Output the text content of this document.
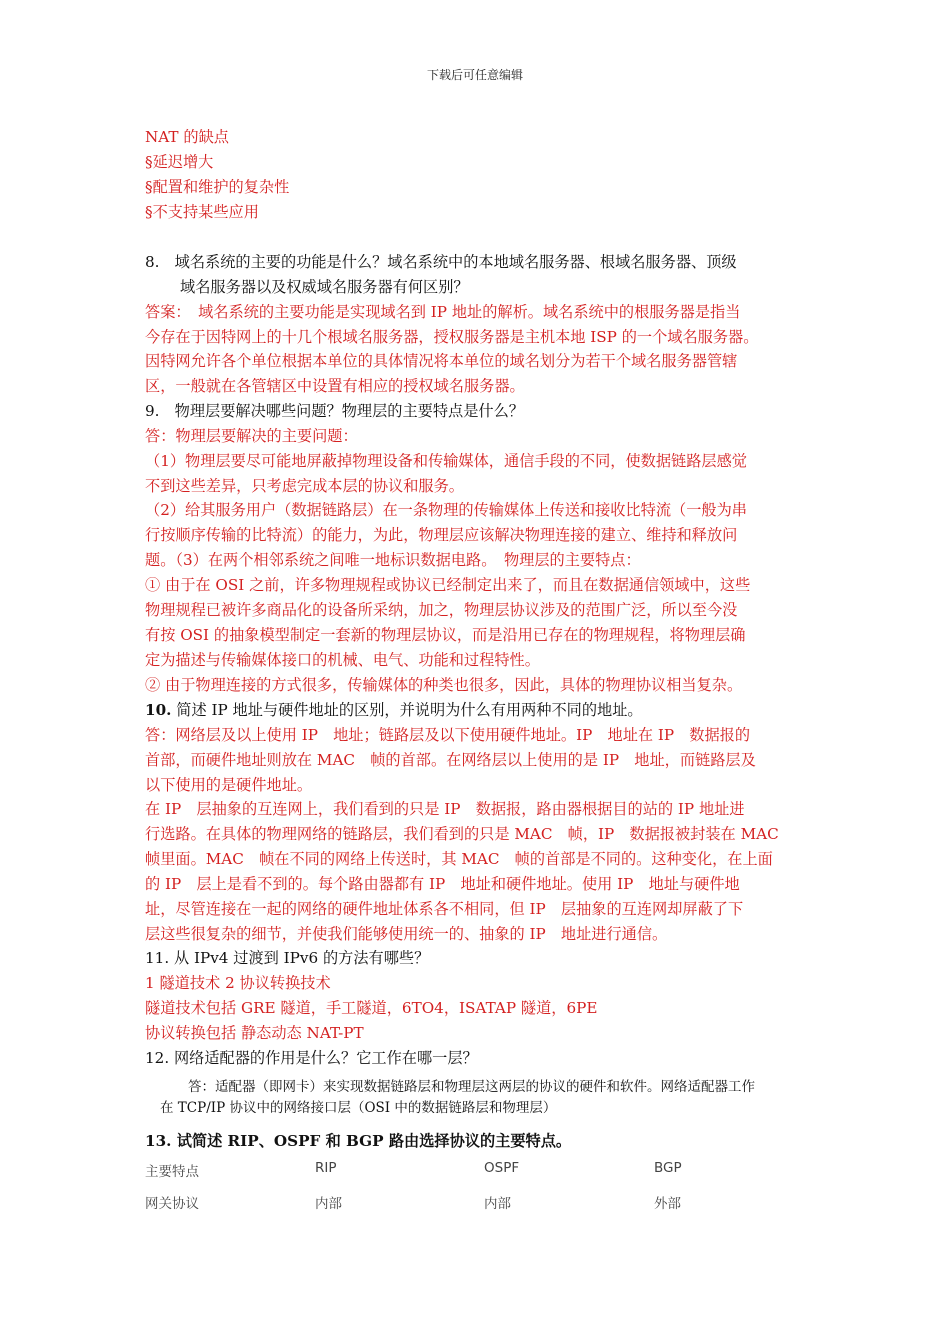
下载后可任意编辑
NAT 的缺点
§延迟增大
§配置和维护的复杂性
§不支持某些应用
8.　域名系统的主要的功能是什么？域名系统中的本地域名服务器、根域名服务器、顶级
域名服务器以及权威域名服务器有何区别？
答案：　域名系统的主要功能是实现域名到 IP 地址的解析。域名系统中的根服务器是指当
今存在于因特网上的十几个根域名服务器，授权服务器是主机本地 ISP 的一个域名服务器。
因特网允许各个单位根据本单位的具体情况将本单位的域名划分为若干个域名服务器管辖
区，一般就在各管辖区中设置有相应的授权域名服务器。
9.　物理层要解决哪些问题？物理层的主要特点是什么？
答：物理层要解决的主要问题：
（1）物理层要尽可能地屏蔽掉物理设备和传输媒体，通信手段的不同，使数据链路层感觉
不到这些差异，只考虑完成本层的协议和服务。
（2）给其服务用户（数据链路层）在一条物理的传输媒体上传送和接收比特流（一般为串
行按顺序传输的比特流）的能力，为此，物理层应该解决物理连接的建立、维持和释放问
题。（3）在两个相邻系统之间唯一地标识数据电路。　物理层的主要特点：
① 由于在 OSI 之前，许多物理规程或协议已经制定出来了，而且在数据通信领域中，这些
物理规程已被许多商品化的设备所采纳，加之，物理层协议涉及的范围广泛，所以至今没
有按 OSI 的抽象模型制定一套新的物理层协议，而是沿用已存在的物理规程，将物理层确
定为描述与传输媒体接口的机械、电气、功能和过程特性。
② 由于物理连接的方式很多，传输媒体的种类也很多，因此，具体的物理协议相当复杂。
10. 简述 IP 地址与硬件地址的区别，并说明为什么有用两种不同的地址。
答：网络层及以上使用 IP　地址；链路层及以下使用硬件地址。IP　地址在 IP　数据报的
首部，而硬件地址则放在 MAC　帧的首部。在网络层以上使用的是 IP　地址，而链路层及
以下使用的是硬件地址。
在 IP　层抽象的互连网上，我们看到的只是 IP　数据报，路由器根据目的站的 IP 地址进
行选路。在具体的物理网络的链路层，我们看到的只是 MAC　帧，IP　数据报被封装在 MAC
帧里面。MAC　帧在不同的网络上传送时，其 MAC　帧的首部是不同的。这种变化，在上面
的 IP　层上是看不到的。每个路由器都有 IP　地址和硬件地址。使用 IP　地址与硬件地
址，尽管连接在一起的网络的硬件地址体系各不相同，但 IP　层抽象的互连网却屏蔽了下
层这些很复杂的细节，并使我们能够使用统一的、抽象的 IP　地址进行通信。
11. 从 IPv4 过渡到 IPv6 的方法有哪些？
1 隧道技术 2 协议转换技术
隧道技术包括 GRE 隧道，手工隧道，6TO4，ISATAP 隧道，6PE
协议转换包括 静态动态 NAT-PT
12. 网络适配器的作用是什么？它工作在哪一层？
答：适配器（即网卡）来实现数据链路层和物理层这两层的协议的硬件和软件。网络适配器工作
在 TCP/IP 协议中的网络接口层（OSI 中的数据链路层和物理层）
13. 试简述 RIP、OSPF 和 BGP 路由选择协议的主要特点。
主要特点	RIP	OSPF	BGP
网关协议	内部	内部	外部
